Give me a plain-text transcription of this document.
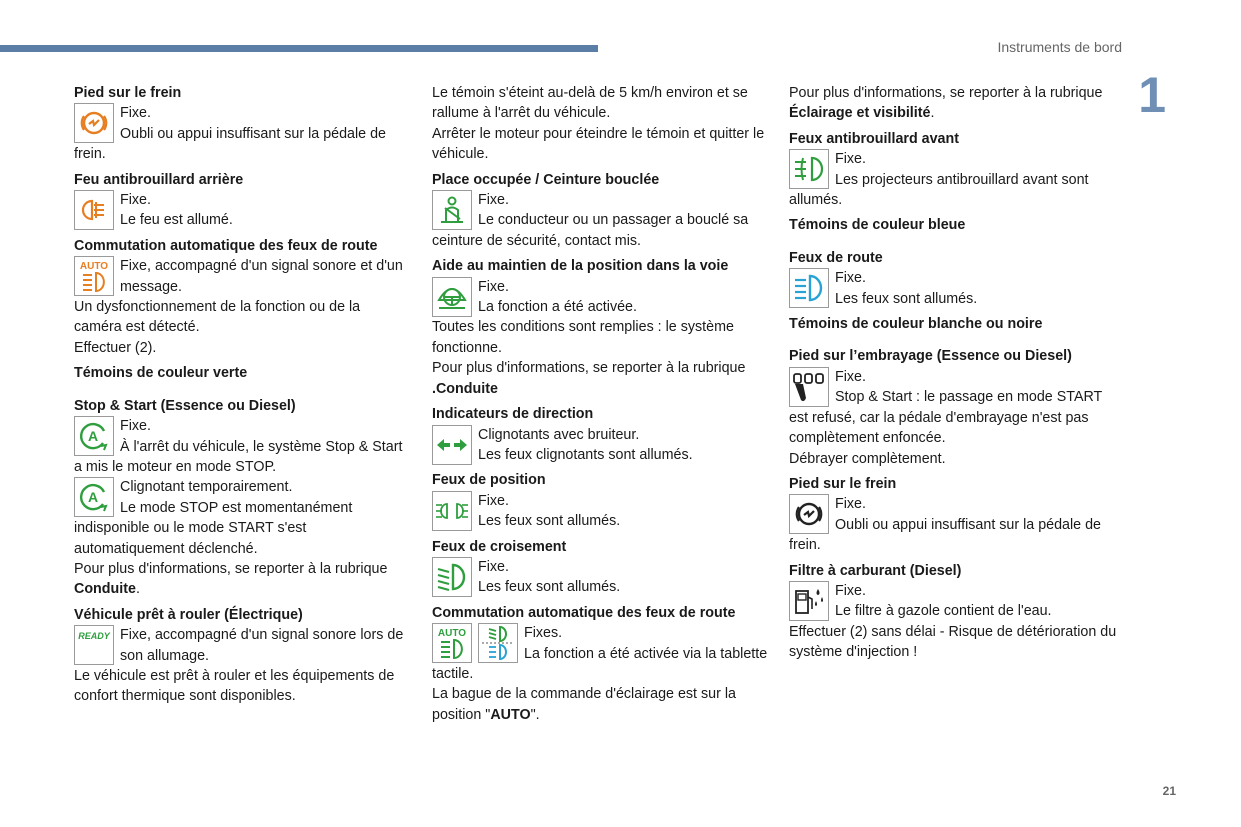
Instruments de bord
1
21
Pied sur le frein
Fixe.
Oubli ou appui insuffisant sur la pédale de frein.
Feu antibrouillard arrière
Fixe.
Le feu est allumé.
Commutation automatique des feux de route
AUTO Fixe, accompagné d'un signal sonore et d'un message.
Un dysfonctionnement de la fonction ou de la caméra est détecté.
Effectuer (2).
Témoins de couleur verte
Stop & Start (Essence ou Diesel)
A
Fixe.
À l'arrêt du véhicule, le système Stop & Start a mis le moteur en mode STOP.
A
Clignotant temporairement.
Le mode STOP est momentanément indisponible ou le mode START s'est automatiquement déclenché.
Pour plus d'informations, se reporter à la rubrique Conduite.
Véhicule prêt à rouler (Électrique)
READY Fixe, accompagné d'un signal sonore lors de son allumage.
Le véhicule est prêt à rouler et les équipements de confort thermique sont disponibles.
Le témoin s'éteint au-delà de 5 km/h environ et se rallume à l'arrêt du véhicule.
Arrêter le moteur pour éteindre le témoin et quitter le véhicule.
Place occupée / Ceinture bouclée
Fixe.
Le conducteur ou un passager a bouclé sa ceinture de sécurité, contact mis.
Aide au maintien de la position dans la voie
Fixe.
La fonction a été activée.
Toutes les conditions sont remplies : le système fonctionne.
Pour plus d'informations, se reporter à la rubrique .Conduite
Indicateurs de direction
Clignotants avec bruiteur.
Les feux clignotants sont allumés.
Feux de position
Fixe.
Les feux sont allumés.
Feux de croisement
Fixe.
Les feux sont allumés.
Commutation automatique des feux de route
AUTO	Fixes.
La fonction a été activée via la tablette tactile.
La bague de la commande d'éclairage est sur la position "AUTO".
Pour plus d'informations, se reporter à la rubrique Éclairage et visibilité.
Feux antibrouillard avant
Fixe.
Les projecteurs antibrouillard avant sont allumés.
Témoins de couleur bleue
Feux de route
Fixe.
Les feux sont allumés.
Témoins de couleur blanche ou noire
Pied sur l’embrayage (Essence ou Diesel)
Fixe.
Stop & Start : le passage en mode START est refusé, car la pédale d'embrayage n'est pas complètement enfoncée.
Débrayer complètement.
Pied sur le frein
Fixe.
Oubli ou appui insuffisant sur la pédale de frein.
Filtre à carburant (Diesel)
Fixe.
Le filtre à gazole contient de l'eau.
Effectuer (2) sans délai - Risque de détérioration du système d'injection !
